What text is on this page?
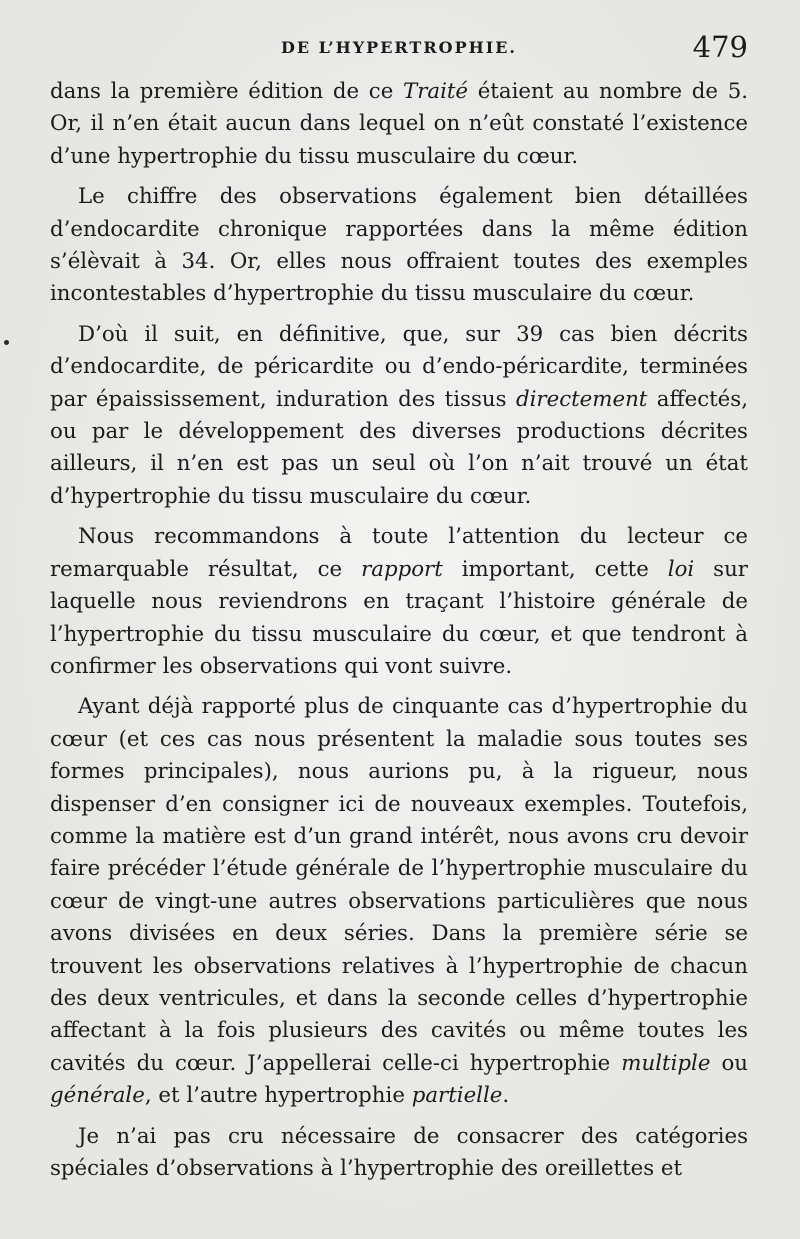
DE L’HYPERTROPHIE.	479

dans la première édition de ce Traité étaient au nombre de 5. Or, il n’en était aucun dans lequel on n’eût constaté l’existence d’une hypertrophie du tissu musculaire du cœur.

Le chiffre des observations également bien détaillées d’endocardite chronique rapportées dans la même édition s’élèvait à 34. Or, elles nous offraient toutes des exemples incontestables d’hypertrophie du tissu musculaire du cœur.

D’où il suit, en définitive, que, sur 39 cas bien décrits d’endocardite, de péricardite ou d’endo-péricardite, terminées par épaississement, induration des tissus directement affectés, ou par le développement des diverses productions décrites ailleurs, il n’en est pas un seul où l’on n’ait trouvé un état d’hypertrophie du tissu musculaire du cœur.

Nous recommandons à toute l’attention du lecteur ce remarquable résultat, ce rapport important, cette loi sur laquelle nous reviendrons en traçant l’histoire générale de l’hypertrophie du tissu musculaire du cœur, et que tendront à confirmer les observations qui vont suivre.

Ayant déjà rapporté plus de cinquante cas d’hypertrophie du cœur (et ces cas nous présentent la maladie sous toutes ses formes principales), nous aurions pu, à la rigueur, nous dispenser d’en consigner ici de nouveaux exemples. Toutefois, comme la matière est d’un grand intérêt, nous avons cru devoir faire précéder l’étude générale de l’hypertrophie musculaire du cœur de vingt-une autres observations particulières que nous avons divisées en deux séries. Dans la première série se trouvent les observations relatives à l’hypertrophie de chacun des deux ventricules, et dans la seconde celles d’hypertrophie affectant à la fois plusieurs des cavités ou même toutes les cavités du cœur. J’appellerai celle-ci hypertrophie multiple ou générale, et l’autre hypertrophie partielle.

Je n’ai pas cru nécessaire de consacrer des catégories spéciales d’observations à l’hypertrophie des oreillettes et
